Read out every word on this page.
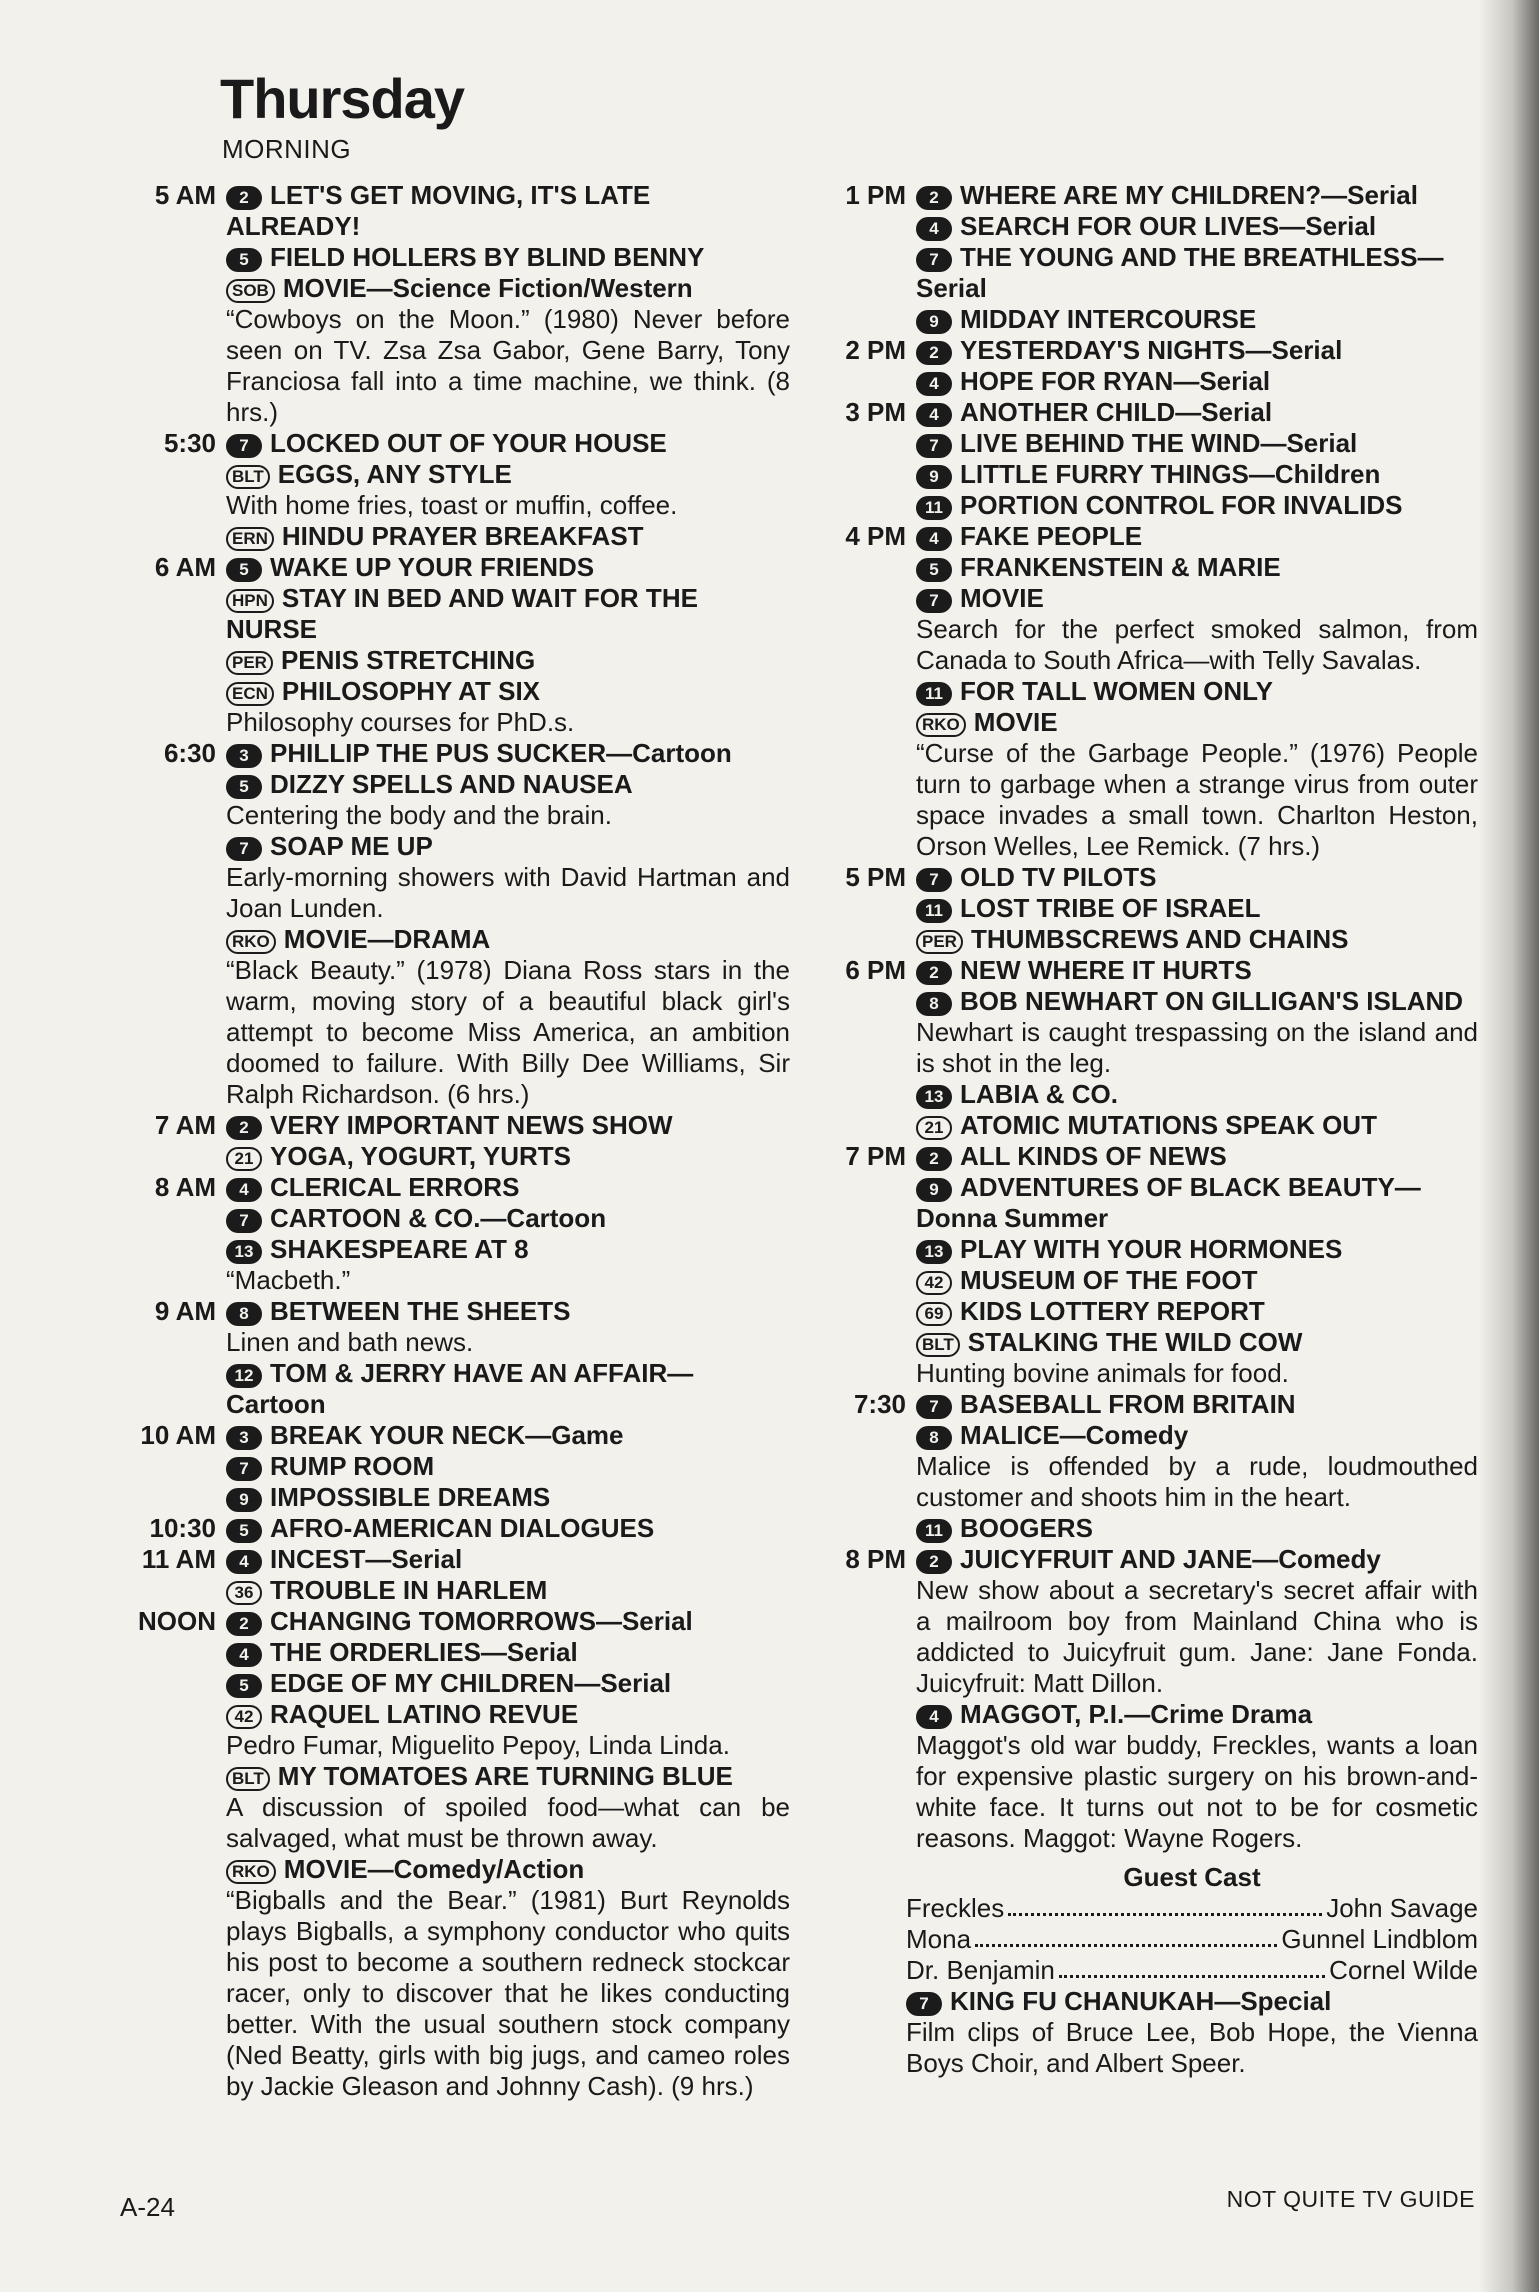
Thursday
MORNING
5 AM	2 LET'S GET MOVING, IT'S LATE ALREADY!
5 FIELD HOLLERS BY BLIND BENNY
SOB MOVIE—Science Fiction/Western
“Cowboys on the Moon.” (1980) Never before seen on TV. Zsa Zsa Gabor, Gene Barry, Tony Franciosa fall into a time machine, we think. (8 hrs.)
5:30	7 LOCKED OUT OF YOUR HOUSE
BLT EGGS, ANY STYLE
With home fries, toast or muffin, coffee.
ERN HINDU PRAYER BREAKFAST
6 AM	5 WAKE UP YOUR FRIENDS
HPN STAY IN BED AND WAIT FOR THE NURSE
PER PENIS STRETCHING
ECN PHILOSOPHY AT SIX
Philosophy courses for PhD.s.
6:30	3 PHILLIP THE PUS SUCKER—Cartoon
5 DIZZY SPELLS AND NAUSEA
Centering the body and the brain.
7 SOAP ME UP
Early-morning showers with David Hartman and Joan Lunden.
RKO MOVIE—DRAMA
“Black Beauty.” (1978) Diana Ross stars in the warm, moving story of a beautiful black girl's attempt to become Miss America, an ambition doomed to failure. With Billy Dee Williams, Sir Ralph Richardson. (6 hrs.)
7 AM	2 VERY IMPORTANT NEWS SHOW
21 YOGA, YOGURT, YURTS
8 AM	4 CLERICAL ERRORS
7 CARTOON & CO.—Cartoon
13 SHAKESPEARE AT 8
“Macbeth.”
9 AM	8 BETWEEN THE SHEETS
Linen and bath news.
12 TOM & JERRY HAVE AN AFFAIR—Cartoon
10 AM	3 BREAK YOUR NECK—Game
7 RUMP ROOM
9 IMPOSSIBLE DREAMS
10:30	5 AFRO-AMERICAN DIALOGUES
11 AM	4 INCEST—Serial
36 TROUBLE IN HARLEM
NOON	2 CHANGING TOMORROWS—Serial
4 THE ORDERLIES—Serial
5 EDGE OF MY CHILDREN—Serial
42 RAQUEL LATINO REVUE
Pedro Fumar, Miguelito Pepoy, Linda Linda.
BLT MY TOMATOES ARE TURNING BLUE
A discussion of spoiled food—what can be salvaged, what must be thrown away.
RKO MOVIE—Comedy/Action
“Bigballs and the Bear.” (1981) Burt Reynolds plays Bigballs, a symphony conductor who quits his post to become a southern redneck stockcar racer, only to discover that he likes conducting better. With the usual southern stock company (Ned Beatty, girls with big jugs, and cameo roles by Jackie Gleason and Johnny Cash). (9 hrs.)
1 PM	2 WHERE ARE MY CHILDREN?—Serial
4 SEARCH FOR OUR LIVES—Serial
7 THE YOUNG AND THE BREATHLESS—Serial
9 MIDDAY INTERCOURSE
2 PM	2 YESTERDAY'S NIGHTS—Serial
4 HOPE FOR RYAN—Serial
3 PM	4 ANOTHER CHILD—Serial
7 LIVE BEHIND THE WIND—Serial
9 LITTLE FURRY THINGS—Children
11 PORTION CONTROL FOR INVALIDS
4 PM	4 FAKE PEOPLE
5 FRANKENSTEIN & MARIE
7 MOVIE
Search for the perfect smoked salmon, from Canada to South Africa—with Telly Savalas.
11 FOR TALL WOMEN ONLY
RKO MOVIE
“Curse of the Garbage People.” (1976) People turn to garbage when a strange virus from outer space invades a small town. Charlton Heston, Orson Welles, Lee Remick. (7 hrs.)
5 PM	7 OLD TV PILOTS
11 LOST TRIBE OF ISRAEL
PER THUMBSCREWS AND CHAINS
6 PM	2 NEW WHERE IT HURTS
8 BOB NEWHART ON GILLIGAN'S ISLAND
Newhart is caught trespassing on the island and is shot in the leg.
13 LABIA & CO.
21 ATOMIC MUTATIONS SPEAK OUT
7 PM	2 ALL KINDS OF NEWS
9 ADVENTURES OF BLACK BEAUTY—Donna Summer
13 PLAY WITH YOUR HORMONES
42 MUSEUM OF THE FOOT
69 KIDS LOTTERY REPORT
BLT STALKING THE WILD COW
Hunting bovine animals for food.
7:30	7 BASEBALL FROM BRITAIN
8 MALICE—Comedy
Malice is offended by a rude, loudmouthed customer and shoots him in the heart.
11 BOOGERS
8 PM	2 JUICYFRUIT AND JANE—Comedy
New show about a secretary's secret affair with a mailroom boy from Mainland China who is addicted to Juicyfruit gum. Jane: Jane Fonda. Juicyfruit: Matt Dillon.
4 MAGGOT, P.I.—Crime Drama
Maggot's old war buddy, Freckles, wants a loan for expensive plastic surgery on his brown-and-white face. It turns out not to be for cosmetic reasons. Maggot: Wayne Rogers.
Guest Cast
Freckles	John Savage
Mona	Gunnel Lindblom
Dr. Benjamin	Cornel Wilde
7 KING FU CHANUKAH—Special
Film clips of Bruce Lee, Bob Hope, the Vienna Boys Choir, and Albert Speer.
A-24	NOT QUITE TV GUIDE
